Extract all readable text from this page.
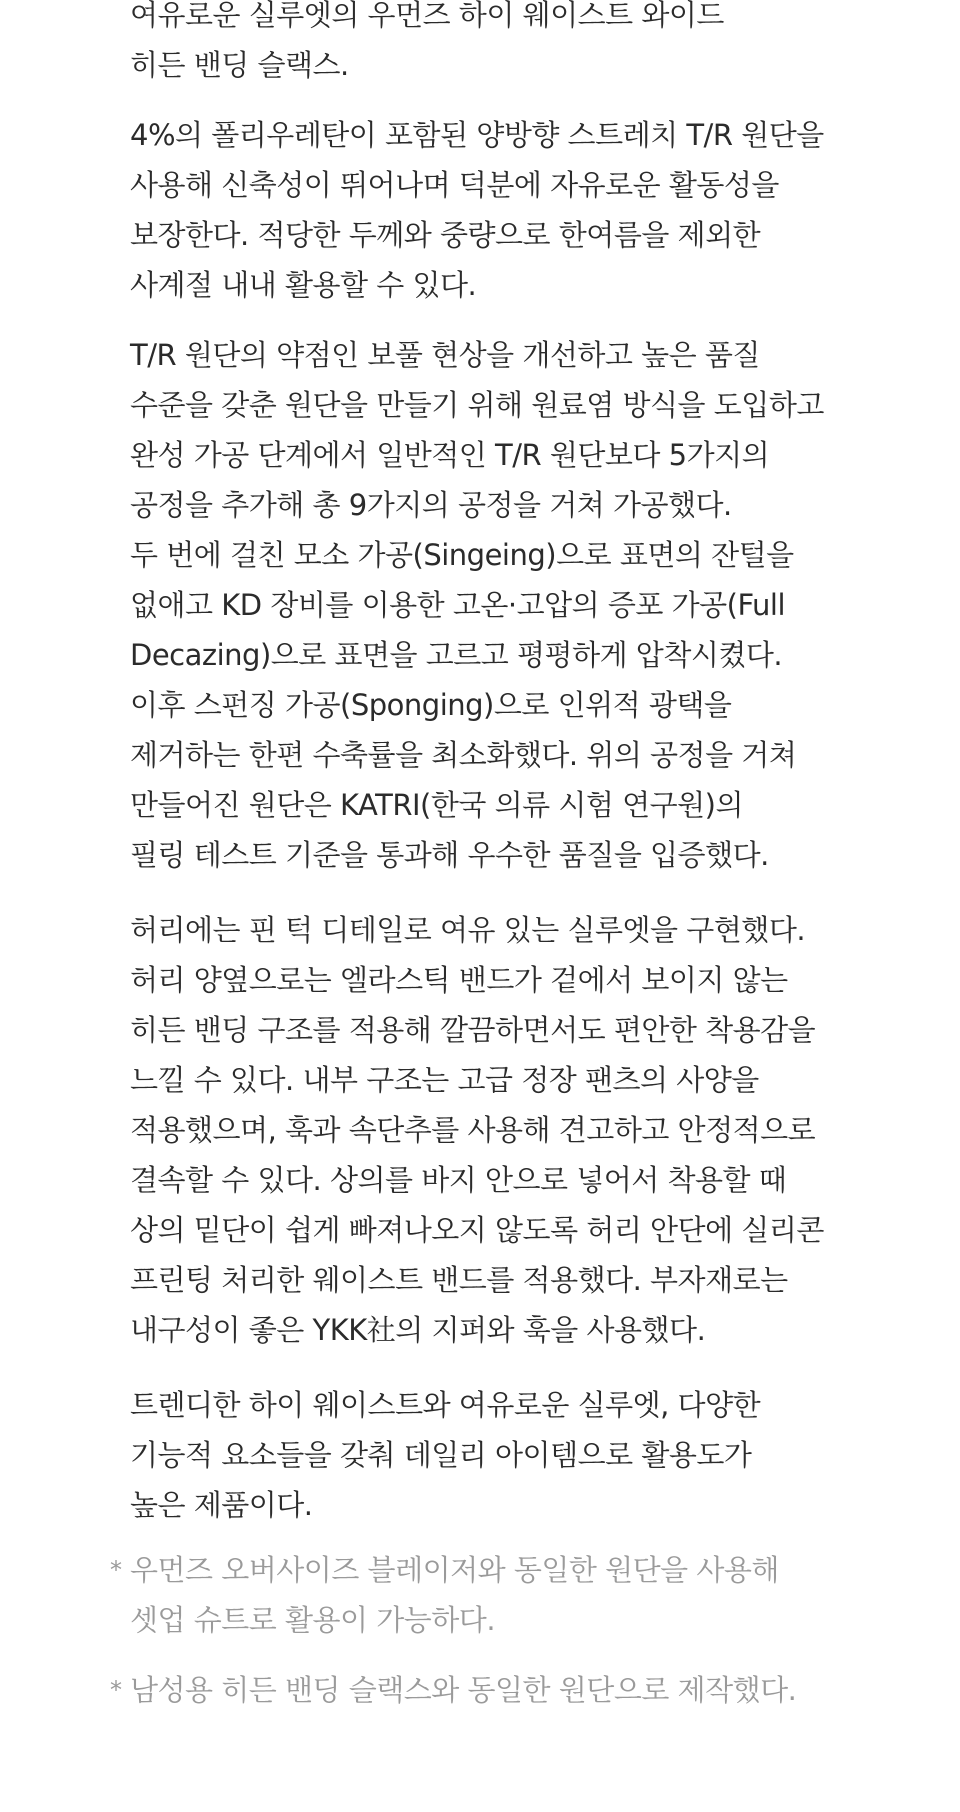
여유로운 실루엣의 우먼즈 하이 웨이스트 와이드
히든 밴딩 슬랙스.

4%의 폴리우레탄이 포함된 양방향 스트레치 T/R 원단을
사용해 신축성이 뛰어나며 덕분에 자유로운 활동성을
보장한다. 적당한 두께와 중량으로 한여름을 제외한
사계절 내내 활용할 수 있다.

T/R 원단의 약점인 보풀 현상을 개선하고 높은 품질
수준을 갖춘 원단을 만들기 위해 원료염 방식을 도입하고
완성 가공 단계에서 일반적인 T/R 원단보다 5가지의
공정을 추가해 총 9가지의 공정을 거쳐 가공했다.
두 번에 걸친 모소 가공(Singeing)으로 표면의 잔털을
없애고 KD 장비를 이용한 고온·고압의 증포 가공(Full
Decazing)으로 표면을 고르고 평평하게 압착시켰다.
이후 스펀징 가공(Sponging)으로 인위적 광택을
제거하는 한편 수축률을 최소화했다. 위의 공정을 거쳐
만들어진 원단은 KATRI(한국 의류 시험 연구원)의
필링 테스트 기준을 통과해 우수한 품질을 입증했다.

허리에는 핀 턱 디테일로 여유 있는 실루엣을 구현했다.
허리 양옆으로는 엘라스틱 밴드가 겉에서 보이지 않는
히든 밴딩 구조를 적용해 깔끔하면서도 편안한 착용감을
느낄 수 있다. 내부 구조는 고급 정장 팬츠의 사양을
적용했으며, 훅과 속단추를 사용해 견고하고 안정적으로
결속할 수 있다. 상의를 바지 안으로 넣어서 착용할 때
상의 밑단이 쉽게 빠져나오지 않도록 허리 안단에 실리콘
프린팅 처리한 웨이스트 밴드를 적용했다. 부자재로는
내구성이 좋은 YKK社의 지퍼와 훅을 사용했다.

트렌디한 하이 웨이스트와 여유로운 실루엣, 다양한
기능적 요소들을 갖춰 데일리 아이템으로 활용도가
높은 제품이다.

* 우먼즈 오버사이즈 블레이저와 동일한 원단을 사용해
셋업 슈트로 활용이 가능하다.

* 남성용 히든 밴딩 슬랙스와 동일한 원단으로 제작했다.
